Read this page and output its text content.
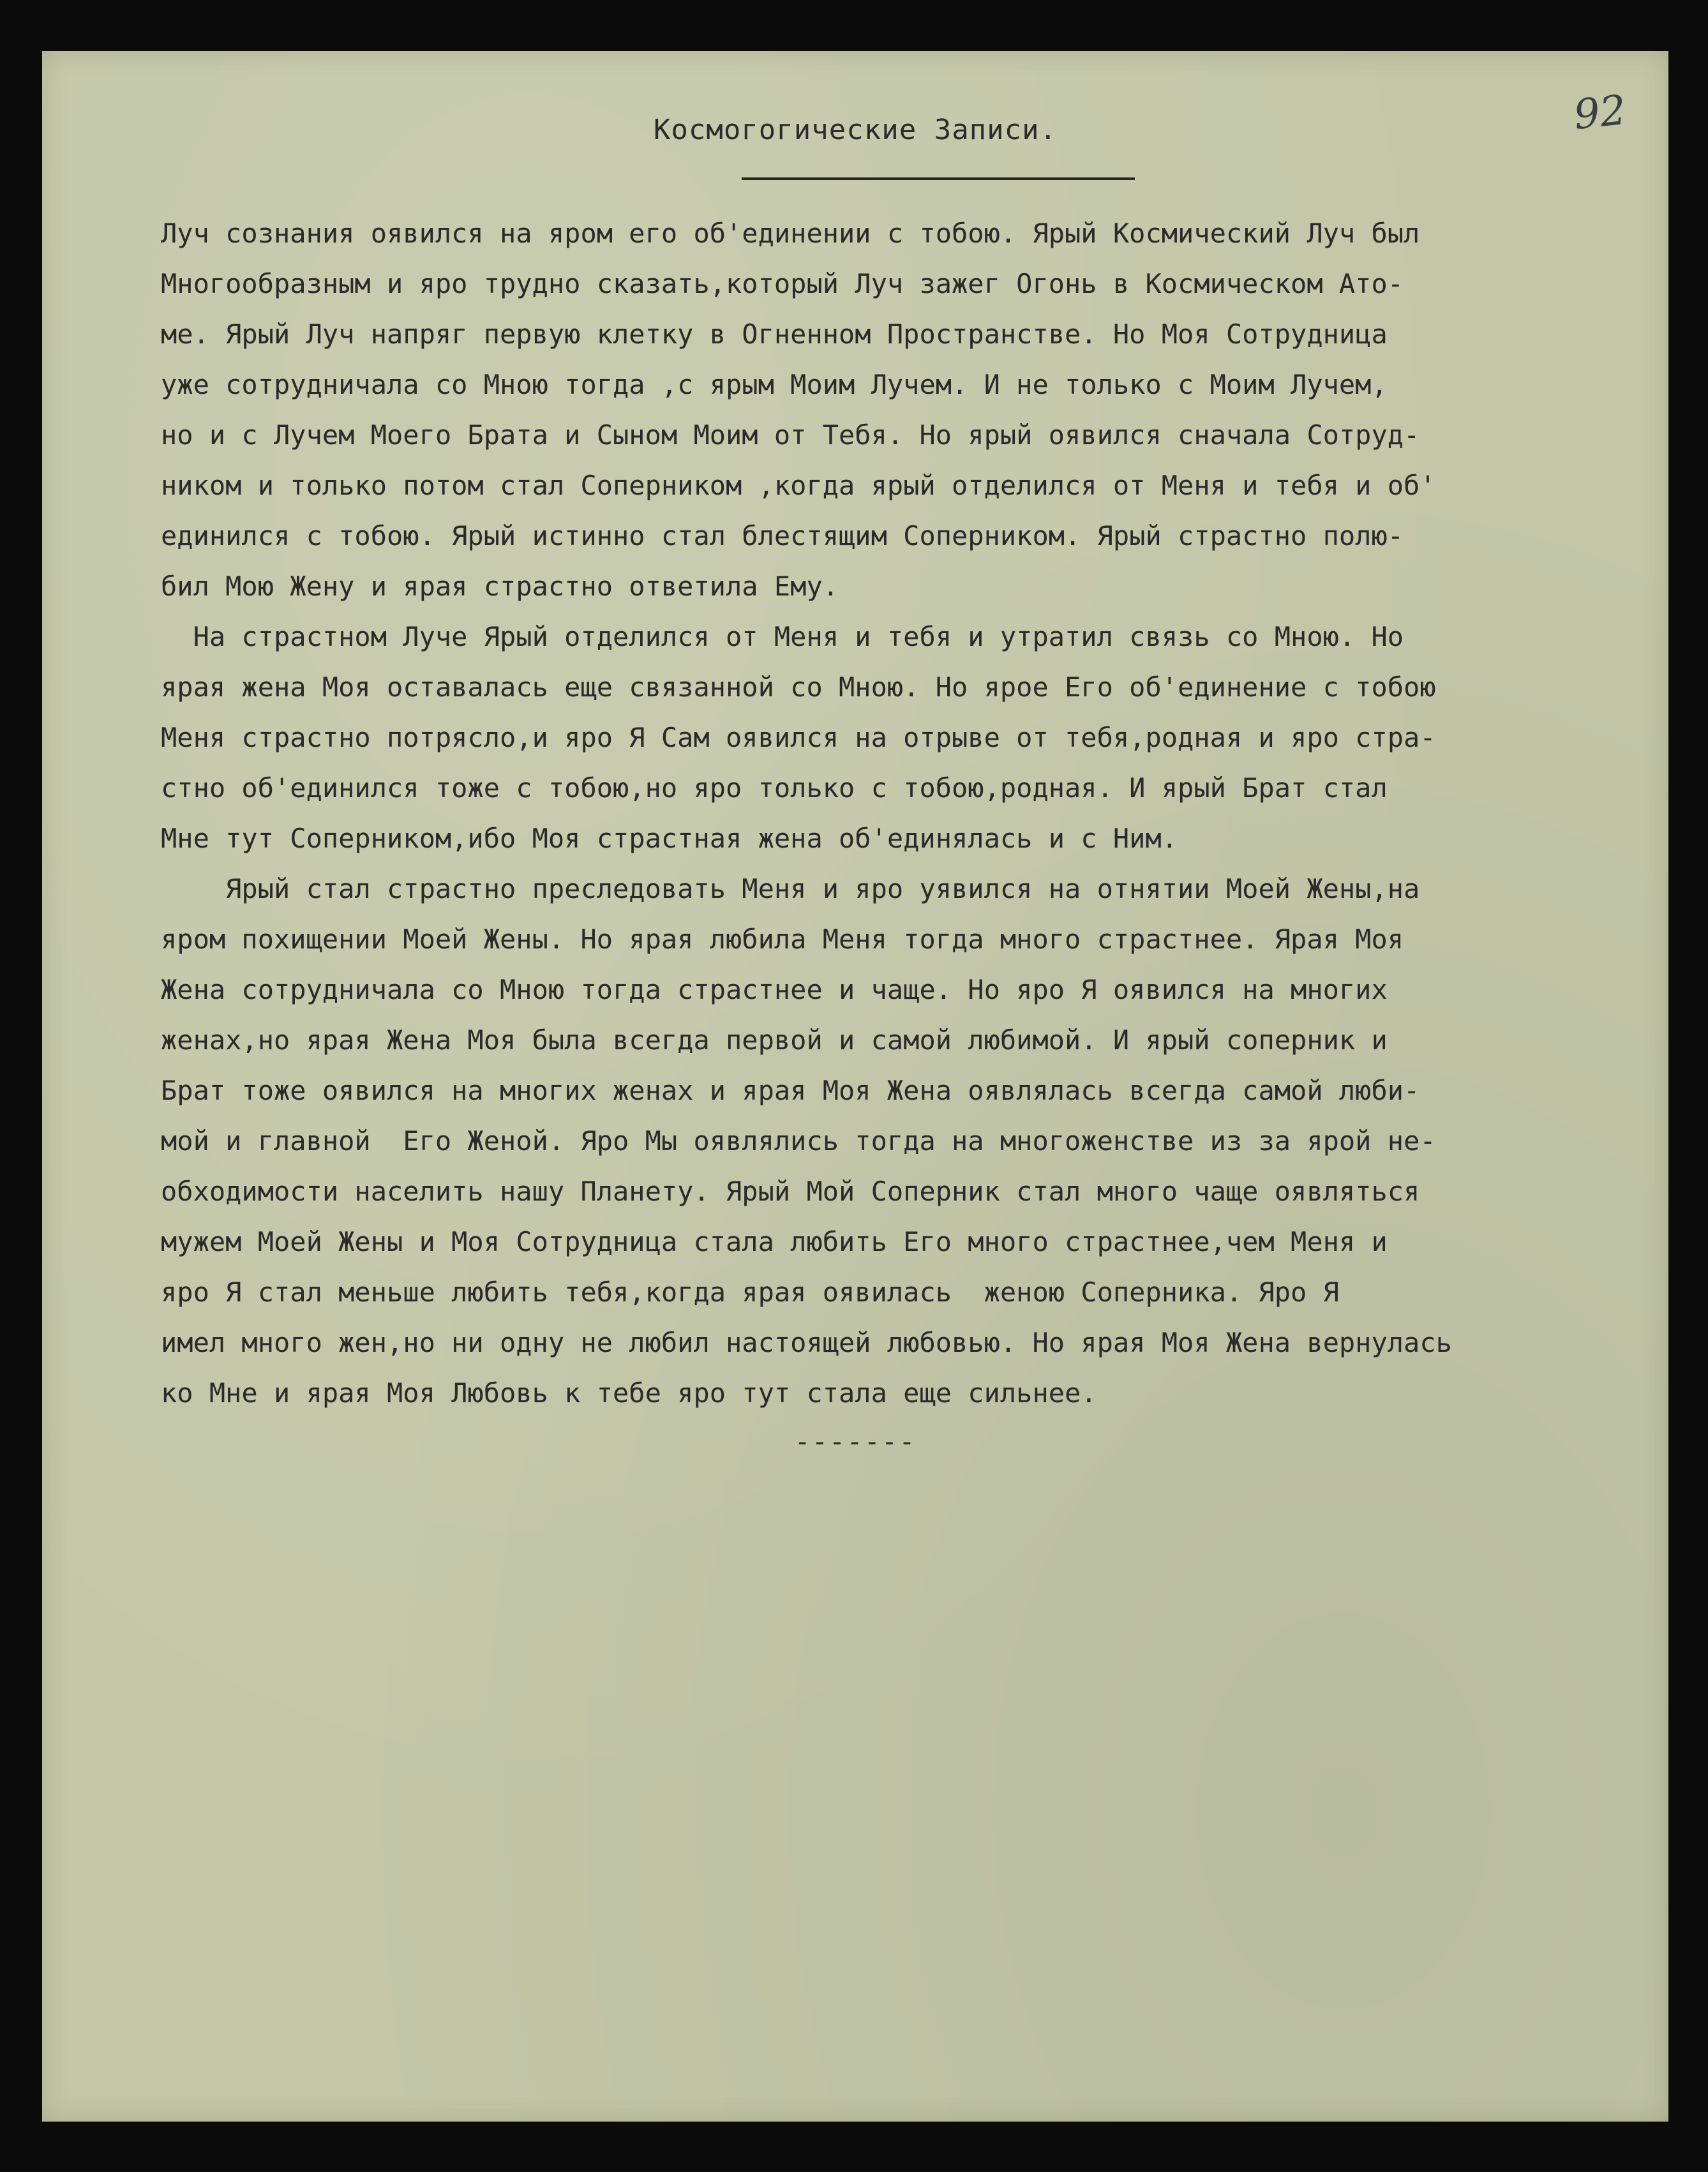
92

Космогогические Записи.

Луч сознания оявился на яром его об'единении с тобою. Ярый Космический Луч был
Многообразным и яро трудно сказать,который Луч зажег Огонь в Космическом Ато-
ме. Ярый Луч напряг первую клетку в Огненном Пространстве. Но Моя Сотрудница
уже сотрудничала со Мною тогда ,с ярым Моим Лучем. И не только с Моим Лучем,
но и с Лучем Моего Брата и Сыном Моим от Тебя. Но ярый оявился сначала Сотруд-
ником и только потом стал Соперником ,когда ярый отделился от Меня и тебя и об'
единился с тобою. Ярый истинно стал блестящим Соперником. Ярый страстно полю-
бил Мою Жену и ярая страстно ответила Ему.
На страстном Луче Ярый отделился от Меня и тебя и утратил связь со Мною. Но
ярая жена Моя оставалась еще связанной со Мною. Но ярое Его об'единение с тобою
Меня страстно потрясло,и яро Я Сам оявился на отрыве от тебя,родная и яро стра-
стно об'единился тоже с тобою,но яро только с тобою,родная. И ярый Брат стал
Мне тут Соперником,ибо Моя страстная жена об'единялась и с Ним.
Ярый стал страстно преследовать Меня и яро уявился на отнятии Моей Жены,на
яром похищении Моей Жены. Но ярая любила Меня тогда много страстнее. Ярая Моя
Жена сотрудничала со Мною тогда страстнее и чаще. Но яро Я оявился на многих
женах,но ярая Жена Моя была всегда первой и самой любимой. И ярый соперник и
Брат тоже оявился на многих женах и ярая Моя Жена оявлялась всегда самой люби-
мой и главной  Его Женой. Яро Мы оявлялись тогда на многоженстве из за ярой не-
обходимости населить нашу Планету. Ярый Мой Соперник стал много чаще оявляться
мужем Моей Жены и Моя Сотрудница стала любить Его много страстнее,чем Меня и
яро Я стал меньше любить тебя,когда ярая оявилась  женою Соперника. Яро Я
имел много жен,но ни одну не любил настоящей любовью. Но ярая Моя Жена вернулась
ко Мне и ярая Моя Любовь к тебе яро тут стала еще сильнее.

-------
